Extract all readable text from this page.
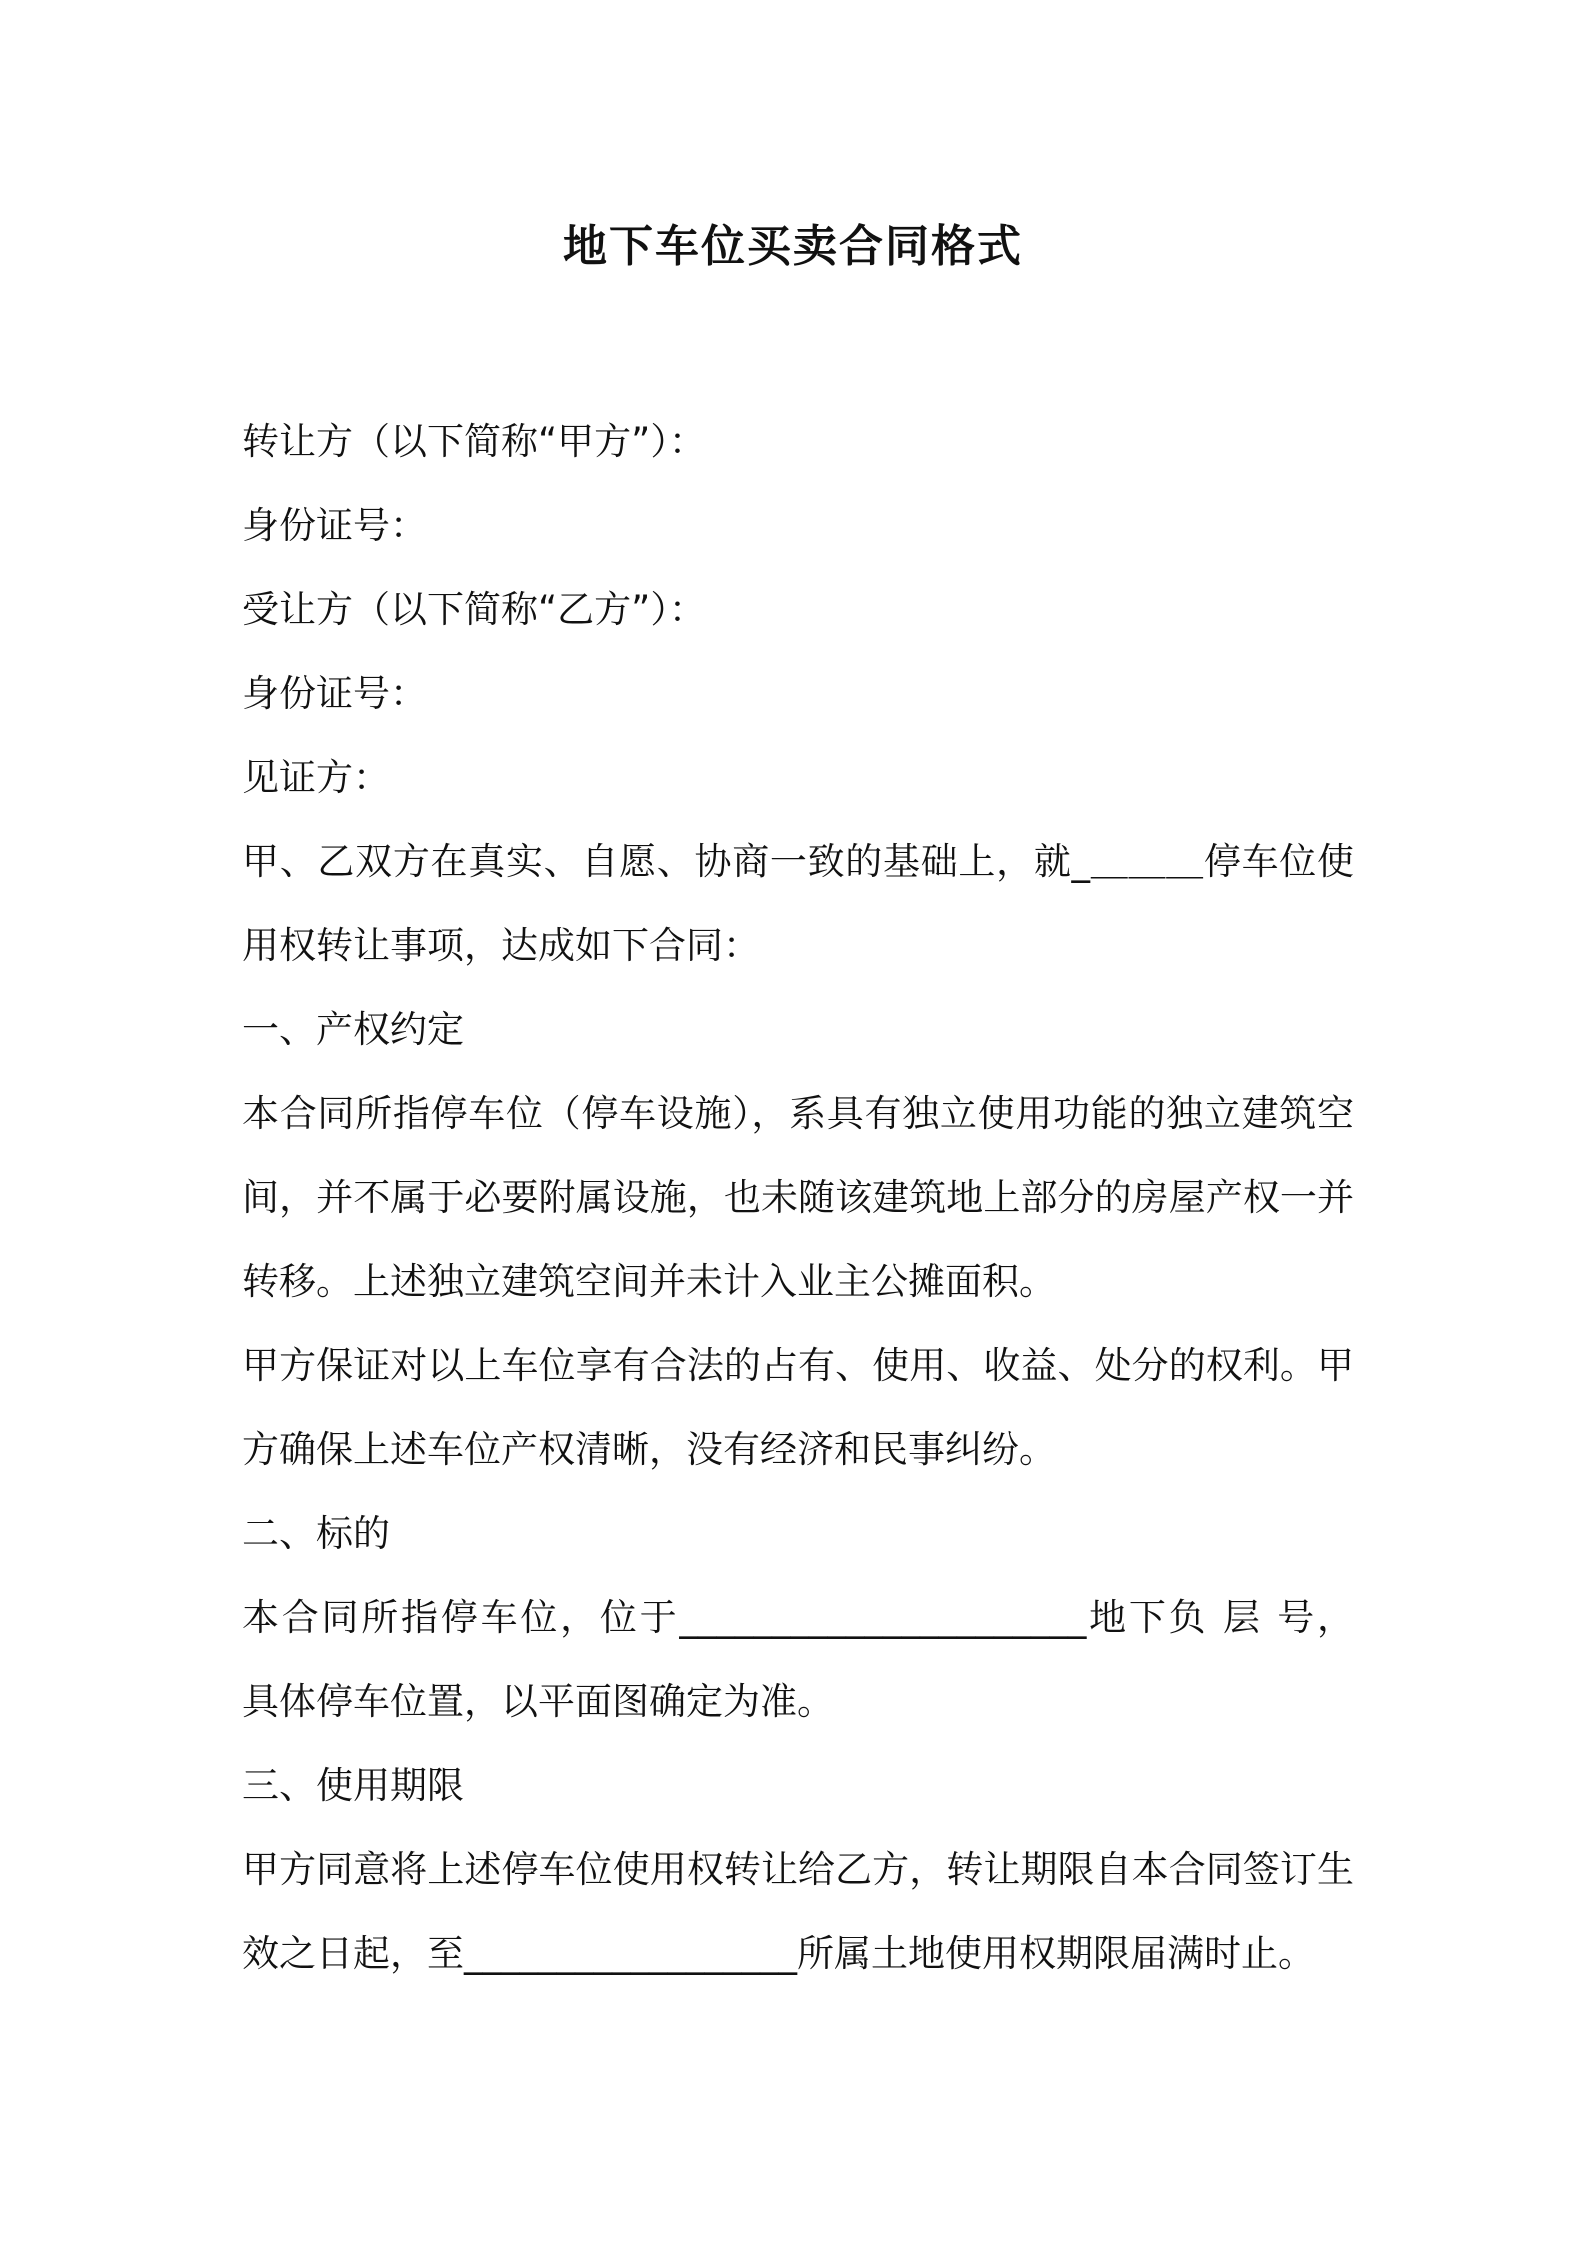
地下车位买卖合同格式
转让方（以下简称“甲方”）：
身份证号：
受让方（以下简称“乙方”）：
身份证号：
见证方：
甲、乙双方在真实、自愿、协商一致的基础上，就_＿＿＿停车位使
用权转让事项，达成如下合同：
一、产权约定
本合同所指停车位（停车设施），系具有独立使用功能的独立建筑空
间，并不属于必要附属设施，也未随该建筑地上部分的房屋产权一并
转移。上述独立建筑空间并未计入业主公摊面积。
甲方保证对以上车位享有合法的占有、使用、收益、处分的权利。甲
方确保上述车位产权清晰，没有经济和民事纠纷。
二、标的
本合同所指停车位，位于______________________地下负 层 号，
具体停车位置，以平面图确定为准。
三、使用期限
甲方同意将上述停车位使用权转让给乙方，转让期限自本合同签订生
效之日起，至__________________所属土地使用权期限届满时止。
